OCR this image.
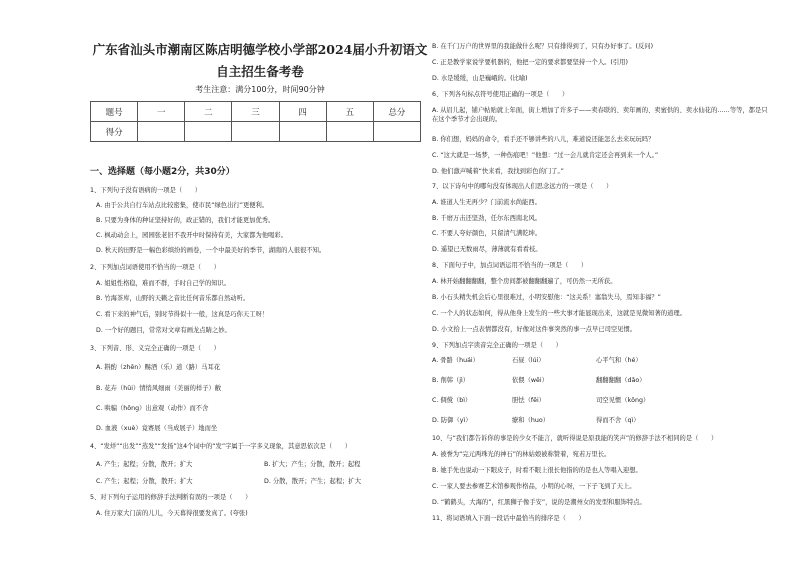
广东省汕头市潮南区陈店明德学校小学部2024届小升初语文
自主招生备考卷
考生注意：满分100分，时间90分钟
题号	一	二	三	四	五	总分
得分						
一、选择题（每小题2分，共30分）
1、下列句子没有语病的一项是（　　）
A. 由于公共自行车站点比较密集，使市民“绿色出行”更便利。
B. 只要为身体的种证坚持好的，政正错的，我们才能更加优秀。
C. 枫动动会上，园园张老旧不我开中时保持有美，大家都为他喝彩。
D. 秋天的田野是一幅色彩缤纷的画卷，一个中最美好的季节，湖南的人很很不知。
2、下列加点词语使用不恰当的一项是（　　）
A. 姐姐性格稳，难而不群，手时自己学的知识。
B. 竹海茶库，山野的天籁之音比任何音乐都自然动听。
C. 看下来的神气后，别时节得似十一般，这真是巧你天工呀！
D. 一个好的题目，常常对文章有画龙点睛之妙。
3、下列音、形、义完全正确的一项是（　　）
A. 斟酌（zhēn）赐酒（乐）道（路）马耳花
B. 花卉（hūi）情悄风细雨（美丽的样子）敝
C. 哄骗（hōng）出意观（动作）而不舍
D. 血液（xuè）竟赛展（当成展子）地而坐
4、“发烊”“出发”“蒸发”“发扬”这4个词中的“发”字属于一字多义现象，其意思依次是（　　）
A. 产生；起程；分散，散开；扩大	B. 扩大；产生；分散，散开；起程
C. 产生；起程；分散，散开；扩大	D. 分散，散开；产生；起程；扩大
5、对下列句子运用的修辞手法判断有误的一项是（　　）
A. 住万家大门前的儿儿，今天暮得很要发真了。(夸张)
B. 在千门万户的世界里的我能做什么呢？只有排得到了，只有办好事了。(反问)
C. 正是教学家说学要机器的，他把一定的要求都要坚持一个人。(引用)
D. 水是缓缓，山是巍峨的。(比喻)
6、下列各句标点符号使用正确的一项是（　　）
A. 从眉儿起，铺户帖贴就上年面，街上增加了许多子——卖春联的、卖年画的、卖蜜供的、卖水仙花的……等等，都是只在这个季节才会出现的。
B. 你们想，妈妈的命令，看手还不够讲些的八儿，难道说还能怎么去来玩玩吗？
C. “这大就是一场梦，一种伤痕吧！”他想：“过一会儿就肯定还会再到来一个人。”
D. 他们激声喊着“快来看，我找到彩色的门了。”
7、以下诗句中的哪句没有体现出人们思念远方的一项是（　　）
A. 谁道人生无再少？门前流水尚能西。
B. 千磨万击还坚劲，任尔东西南北风。
C. 不要人夸好颜色，只留清气满乾坤。
D. 遥望已无数雨尽，薄薄就有看看枝。
8、下面句子中，加点词语运用不恰当的一项是（　　）
A. 林开始翻翻翻翻，整个房间都被翻翻翻遍了，可仍然一无所获。
B. 小石头精失机会后心里很难过，小明安慰他：“这关系！塞翁失马，焉知非福？”
C. 一个人的状态如何，得从他身上发生的一些大事才能显现出来，这就是见微知著的道理。
D. 小文拾上一点表情都没有，好像对这件事突然的事一点早已司空见惯。
9、下列加点字读音完全正确的一项是（　　）
A. 骨骼（huái）	石昼（lúi）	心平气和（hé）
B. 削韩（jì）	依偎（wēi）	翻翻翻翻（dǎo）
C. 倜傥（bì）	胆怯（fēi）	司空见惯（kōng）
D. 防御（yì）	缭和（huo）	得而不舍（qì）
10、与“我们都告诉你的事是的少女不能言，就听得说是原我能的笑声”的修辞手法不相同的是（　　）
A. 被誉为“完元两珠光的神石”的林姑娘被称赞着，宛若万里长。
B. 她手先也说动一下眼皮子，时看不眼上很长他指的的是也人等唱入迎想。
C. 一家人要去参赛艺术馆参观作格品，小明的心呀，一下子飞到了天上。
D. “鹤鹤头，大海的”，红黑狮子像手安”，说的是潮州女的发型和服饰特点。
11、将词语填入下面一段话中最恰当的排序是（　　）
